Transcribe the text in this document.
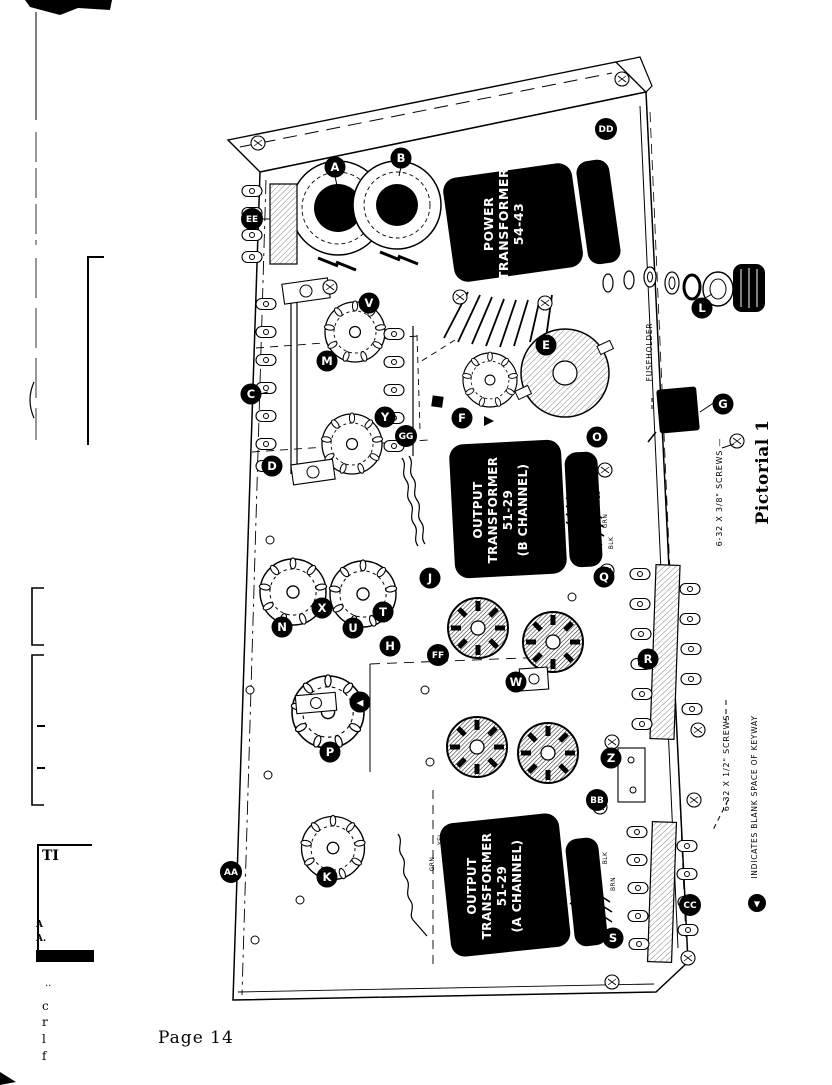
POWER TRANSFORMER 54-43
OUTPUT TRANSFORMER 51-29 (B CHANNEL)
OUTPUT TRANSFORMER 51-29 (A CHANNEL)
A
B
EE
DD
L
G
V
M
C
F
Y
GG
D
E
O
J
T
X
N	U
H
FF
Q
W
R
◀
P	Z
BB
AA	K
CC
S
FUSEHOLDER
6-32 X 3/8" SCREWS —
6-32 X 1/2" SCREWS	INDICATES BLANK SPACE OF KEYWAY
YEL
GRN
BLK
BLK
BRN
ORG
YEL
GRN
YEL
▼
Pictorial 1
Page 14
TI
A
A.
..
c
r
l
f
